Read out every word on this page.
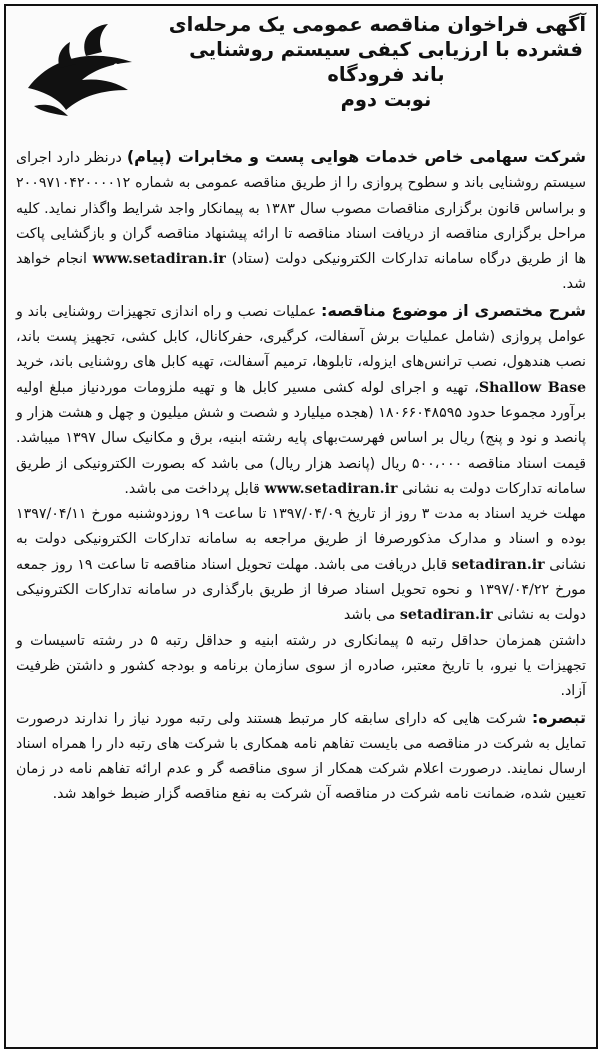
آگهی فراخوان مناقصه عمومی یک مرحله‌ای
فشرده با ارزیابی کیفی سیستم روشنایی
باند فرودگاه
نوبت دوم

شرکت سهامی خاص خدمات هوایی پست و مخابرات (پیام) درنظر دارد اجرای سیستم روشنایی باند و سطوح پروازی را از طریق مناقصه عمومی به شماره ۲۰۰۹۷۱۰۴۲۰۰۰۰۱۲ و براساس قانون برگزاری مناقصات مصوب سال ۱۳۸۳ به پیمانکار واجد شرایط واگذار نماید. کلیه مراحل برگزاری مناقصه از دریافت اسناد مناقصه تا ارائه پیشنهاد مناقصه گران و بازگشایی پاکت ها از طریق درگاه سامانه تدارکات الکترونیکی دولت (ستاد) www.setadiran.ir انجام خواهد شد.

شرح مختصری از موضوع مناقصه: عملیات نصب و راه اندازی تجهیزات روشنایی باند و عوامل پروازی (شامل عملیات برش آسفالت، کرگیری، حفرکانال، کابل کشی، تجهیز پست باند، نصب هندهول، نصب ترانس‌های ایزوله، تابلوها، ترمیم آسفالت، تهیه کابل های روشنایی باند، خرید Shallow Base، تهیه و اجرای لوله کشی مسیر کابل ها و تهیه ملزومات موردنیاز مبلغ اولیه برآورد مجموعا حدود ۱۸۰۶۶۰۴۸۵۹۵ (هجده میلیارد و شصت و شش میلیون و چهل و هشت هزار و پانصد و نود و پنج) ریال بر اساس فهرست‌بهای پایه رشته ابنیه، برق و مکانیک سال ۱۳۹۷ میباشد. قیمت اسناد مناقصه ۵۰۰،۰۰۰ ریال (پانصد هزار ریال) می باشد که بصورت الکترونیکی از طریق سامانه تدارکات دولت به نشانی www.setadiran.ir قابل پرداخت می باشد.

مهلت خرید اسناد به مدت ۳ روز از تاریخ ۱۳۹۷/۰۴/۰۹ تا ساعت ۱۹ روزدوشنبه مورخ ۱۳۹۷/۰۴/۱۱ بوده و اسناد و مدارک مذکورصرفا از طریق مراجعه به سامانه تدارکات الکترونیکی دولت به نشانی setadiran.ir قابل دریافت می باشد. مهلت تحویل اسناد مناقصه تا ساعت ۱۹ روز جمعه مورخ ۱۳۹۷/۰۴/۲۲ و نحوه تحویل اسناد صرفا از طریق بارگذاری در سامانه تدارکات الکترونیکی دولت به نشانی setadiran.ir می باشد

داشتن همزمان حداقل رتبه ۵ پیمانکاری در رشته ابنیه و حداقل رتبه ۵ در رشته تاسیسات و تجهیزات یا نیرو، با تاریخ معتبر، صادره از سوی سازمان برنامه و بودجه کشور و داشتن ظرفیت آزاد.

تبصره: شرکت هایی که دارای سابقه کار مرتبط هستند ولی رتبه مورد نیاز را ندارند درصورت تمایل به شرکت در مناقصه می بایست تفاهم نامه همکاری با شرکت های رتبه دار را همراه اسناد ارسال نمایند. درصورت اعلام شرکت همکار از سوی مناقصه گر و عدم ارائه تفاهم نامه در زمان تعیین شده، ضمانت نامه شرکت در مناقصه آن شرکت به نفع مناقصه گزار ضبط خواهد شد.
